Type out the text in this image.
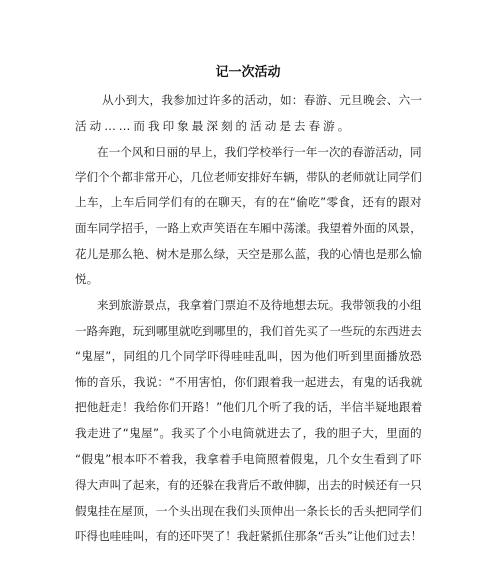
记一次活动
从小到大，我参加过许多的活动，如：春游、元旦晚会、六一
活动……而我印象最深刻的活动是去春游。
在一个风和日丽的早上，我们学校举行一年一次的春游活动，同
学们个个都非常开心，几位老师安排好车辆，带队的老师就让同学们
上车，上车后同学们有的在聊天，有的在“偷吃”零食，还有的跟对
面车同学招手，一路上欢声笑语在车厢中荡漾。我望着外面的风景，
花儿是那么艳、树木是那么绿，天空是那么蓝，我的心情也是那么愉
悦。
来到旅游景点，我拿着门票迫不及待地想去玩。我带领我的小组
一路奔跑，玩到哪里就吃到哪里的，我们首先买了一些玩的东西进去
“鬼屋”，同组的几个同学吓得哇哇乱叫，因为他们听到里面播放恐
怖的音乐，我说：“不用害怕，你们跟着我一起进去，有鬼的话我就
把他赶走！我给你们开路！”他们几个听了我的话，半信半疑地跟着
我走进了“鬼屋”。我买了个小电筒就进去了，我的胆子大，里面的
“假鬼”根本吓不着我，我拿着手电筒照着假鬼，几个女生看到了吓
得大声叫了起来，有的还躲在我背后不敢伸脚，出去的时候还有一只
假鬼挂在屋顶，一个头出现在我们头顶伸出一条长长的舌头把同学们
吓得也哇哇叫，有的还吓哭了！我赶紧抓住那条“舌头”让他们过去！
